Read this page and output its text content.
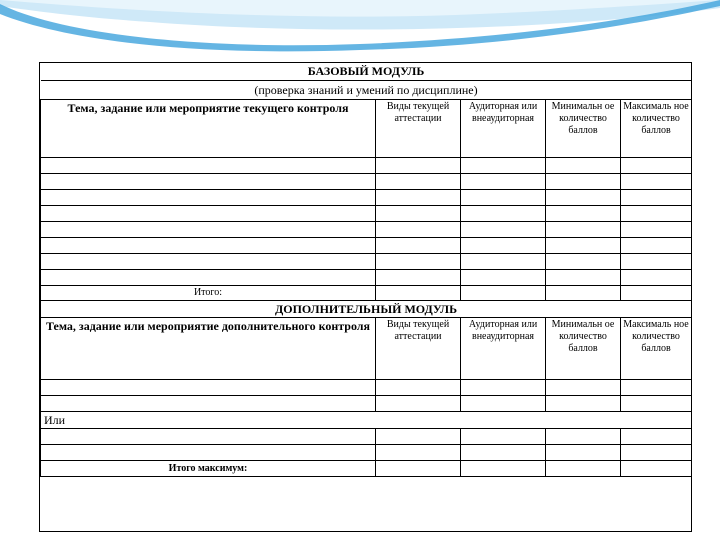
БАЗОВЫЙ МОДУЛЬ				
(проверка знаний и умений по дисциплине)				
Тема, задание или мероприятие текущего контроля	Виды текущей аттестации	Аудиторная или внеаудиторная	Минимальн ое количество баллов	Максималь ное количество баллов

Итого:				
ДОПОЛНИТЕЛЬНЫЙ МОДУЛЬ				
Тема, задание или мероприятие дополнительного контроля	Виды текущей аттестации	Аудиторная или внеаудиторная	Минимальн ое количество баллов	Максималь ное количество баллов

Или				

Итого максимум:				
